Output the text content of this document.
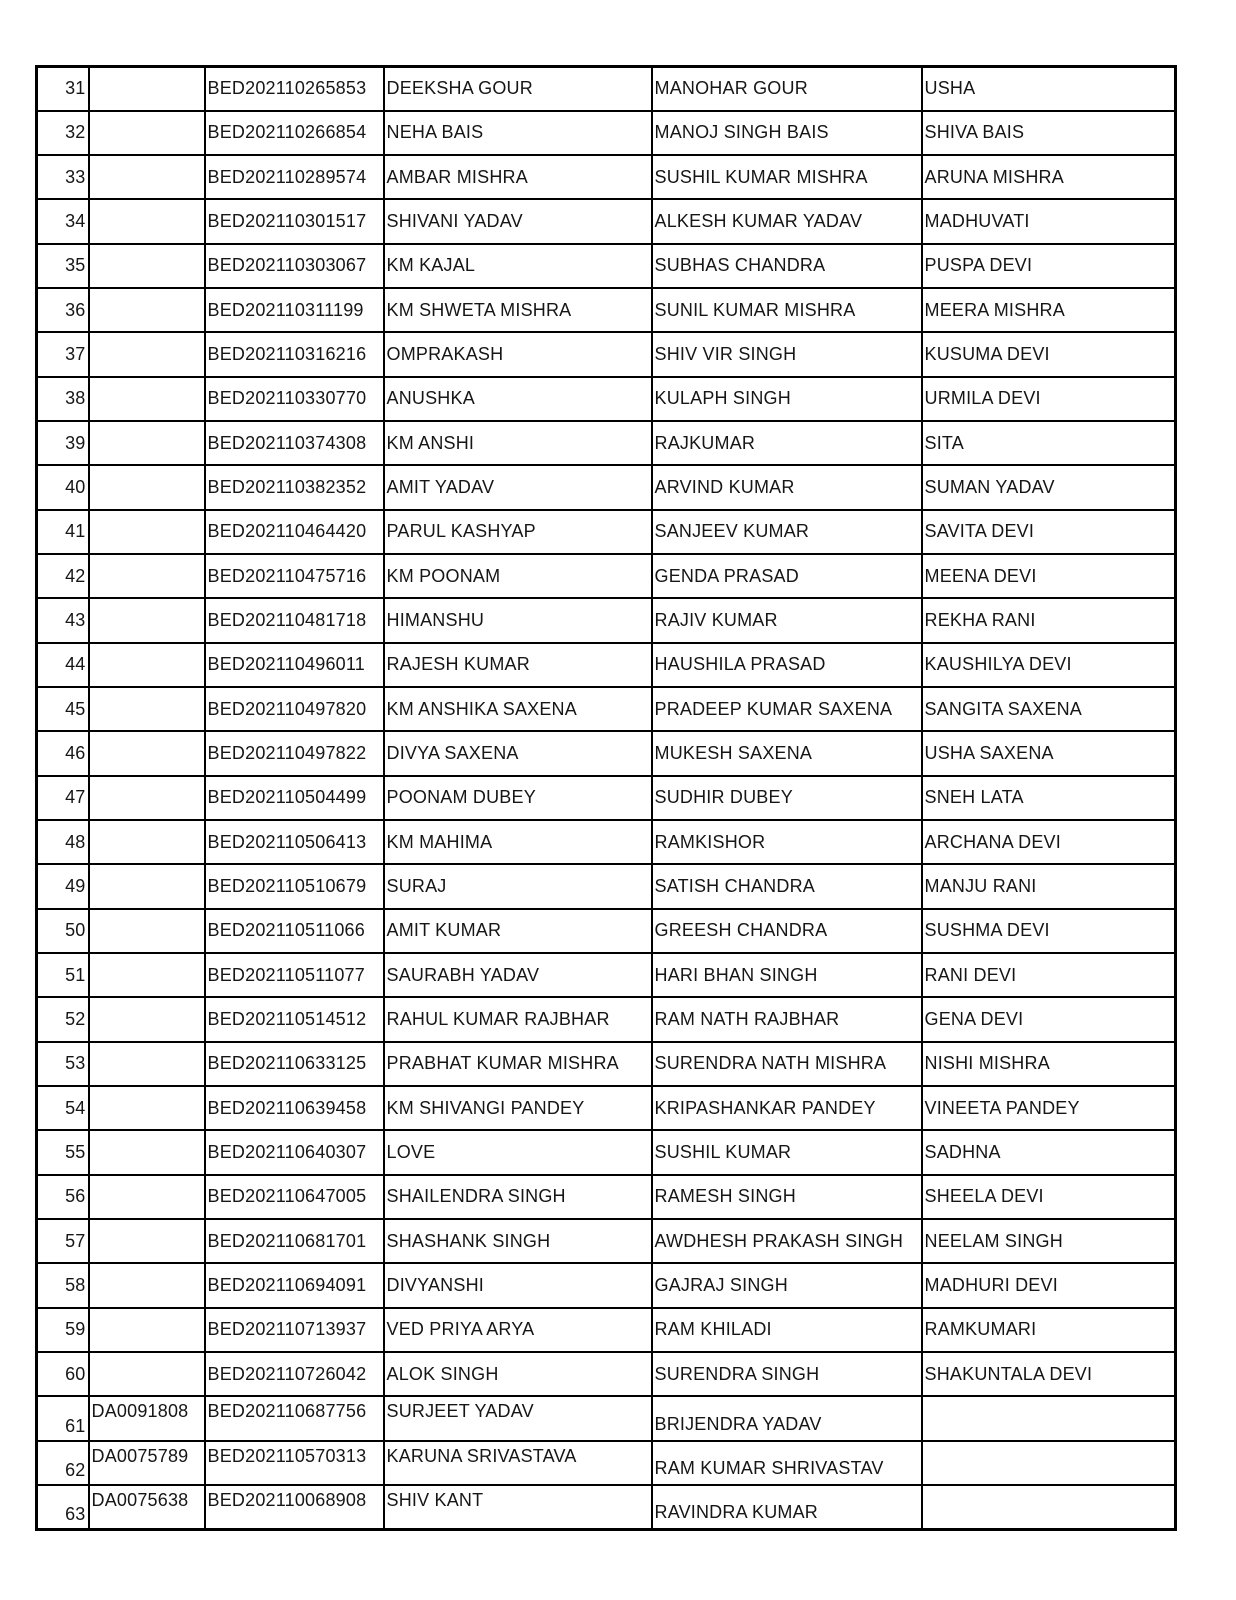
31		BED202110265853	DEEKSHA GOUR	MANOHAR GOUR	USHA
32		BED202110266854	NEHA BAIS	MANOJ SINGH BAIS	SHIVA BAIS
33		BED202110289574	AMBAR MISHRA	SUSHIL KUMAR MISHRA	ARUNA MISHRA
34		BED202110301517	SHIVANI YADAV	ALKESH KUMAR YADAV	MADHUVATI
35		BED202110303067	KM KAJAL	SUBHAS CHANDRA	PUSPA DEVI
36		BED202110311199	KM SHWETA MISHRA	SUNIL KUMAR MISHRA	MEERA MISHRA
37		BED202110316216	OMPRAKASH	SHIV VIR SINGH	KUSUMA DEVI
38		BED202110330770	ANUSHKA	KULAPH SINGH	URMILA DEVI
39		BED202110374308	KM ANSHI	RAJKUMAR	SITA
40		BED202110382352	AMIT YADAV	ARVIND KUMAR	SUMAN YADAV
41		BED202110464420	PARUL KASHYAP	SANJEEV KUMAR	SAVITA DEVI
42		BED202110475716	KM POONAM	GENDA PRASAD	MEENA DEVI
43		BED202110481718	HIMANSHU	RAJIV KUMAR	REKHA RANI
44		BED202110496011	RAJESH KUMAR	HAUSHILA PRASAD	KAUSHILYA DEVI
45		BED202110497820	KM ANSHIKA SAXENA	PRADEEP KUMAR SAXENA	SANGITA SAXENA
46		BED202110497822	DIVYA SAXENA	MUKESH SAXENA	USHA SAXENA
47		BED202110504499	POONAM DUBEY	SUDHIR DUBEY	SNEH LATA
48		BED202110506413	KM MAHIMA	RAMKISHOR	ARCHANA DEVI
49		BED202110510679	SURAJ	SATISH CHANDRA	MANJU RANI
50		BED202110511066	AMIT KUMAR	GREESH CHANDRA	SUSHMA DEVI
51		BED202110511077	SAURABH YADAV	HARI BHAN SINGH	RANI DEVI
52		BED202110514512	RAHUL KUMAR RAJBHAR	RAM NATH RAJBHAR	GENA DEVI
53		BED202110633125	PRABHAT KUMAR MISHRA	SURENDRA NATH MISHRA	NISHI MISHRA
54		BED202110639458	KM SHIVANGI PANDEY	KRIPASHANKAR PANDEY	VINEETA PANDEY
55		BED202110640307	LOVE	SUSHIL KUMAR	SADHNA
56		BED202110647005	SHAILENDRA SINGH	RAMESH SINGH	SHEELA DEVI
57		BED202110681701	SHASHANK SINGH	AWDHESH PRAKASH SINGH	NEELAM SINGH
58		BED202110694091	DIVYANSHI	GAJRAJ SINGH	MADHURI DEVI
59		BED202110713937	VED PRIYA ARYA	RAM KHILADI	RAMKUMARI
60		BED202110726042	ALOK SINGH	SURENDRA SINGH	SHAKUNTALA DEVI
61	DA0091808	BED202110687756	SURJEET YADAV	BRIJENDRA YADAV	
62	DA0075789	BED202110570313	KARUNA SRIVASTAVA	RAM KUMAR SHRIVASTAV	
63	DA0075638	BED202110068908	SHIV KANT	RAVINDRA KUMAR	
